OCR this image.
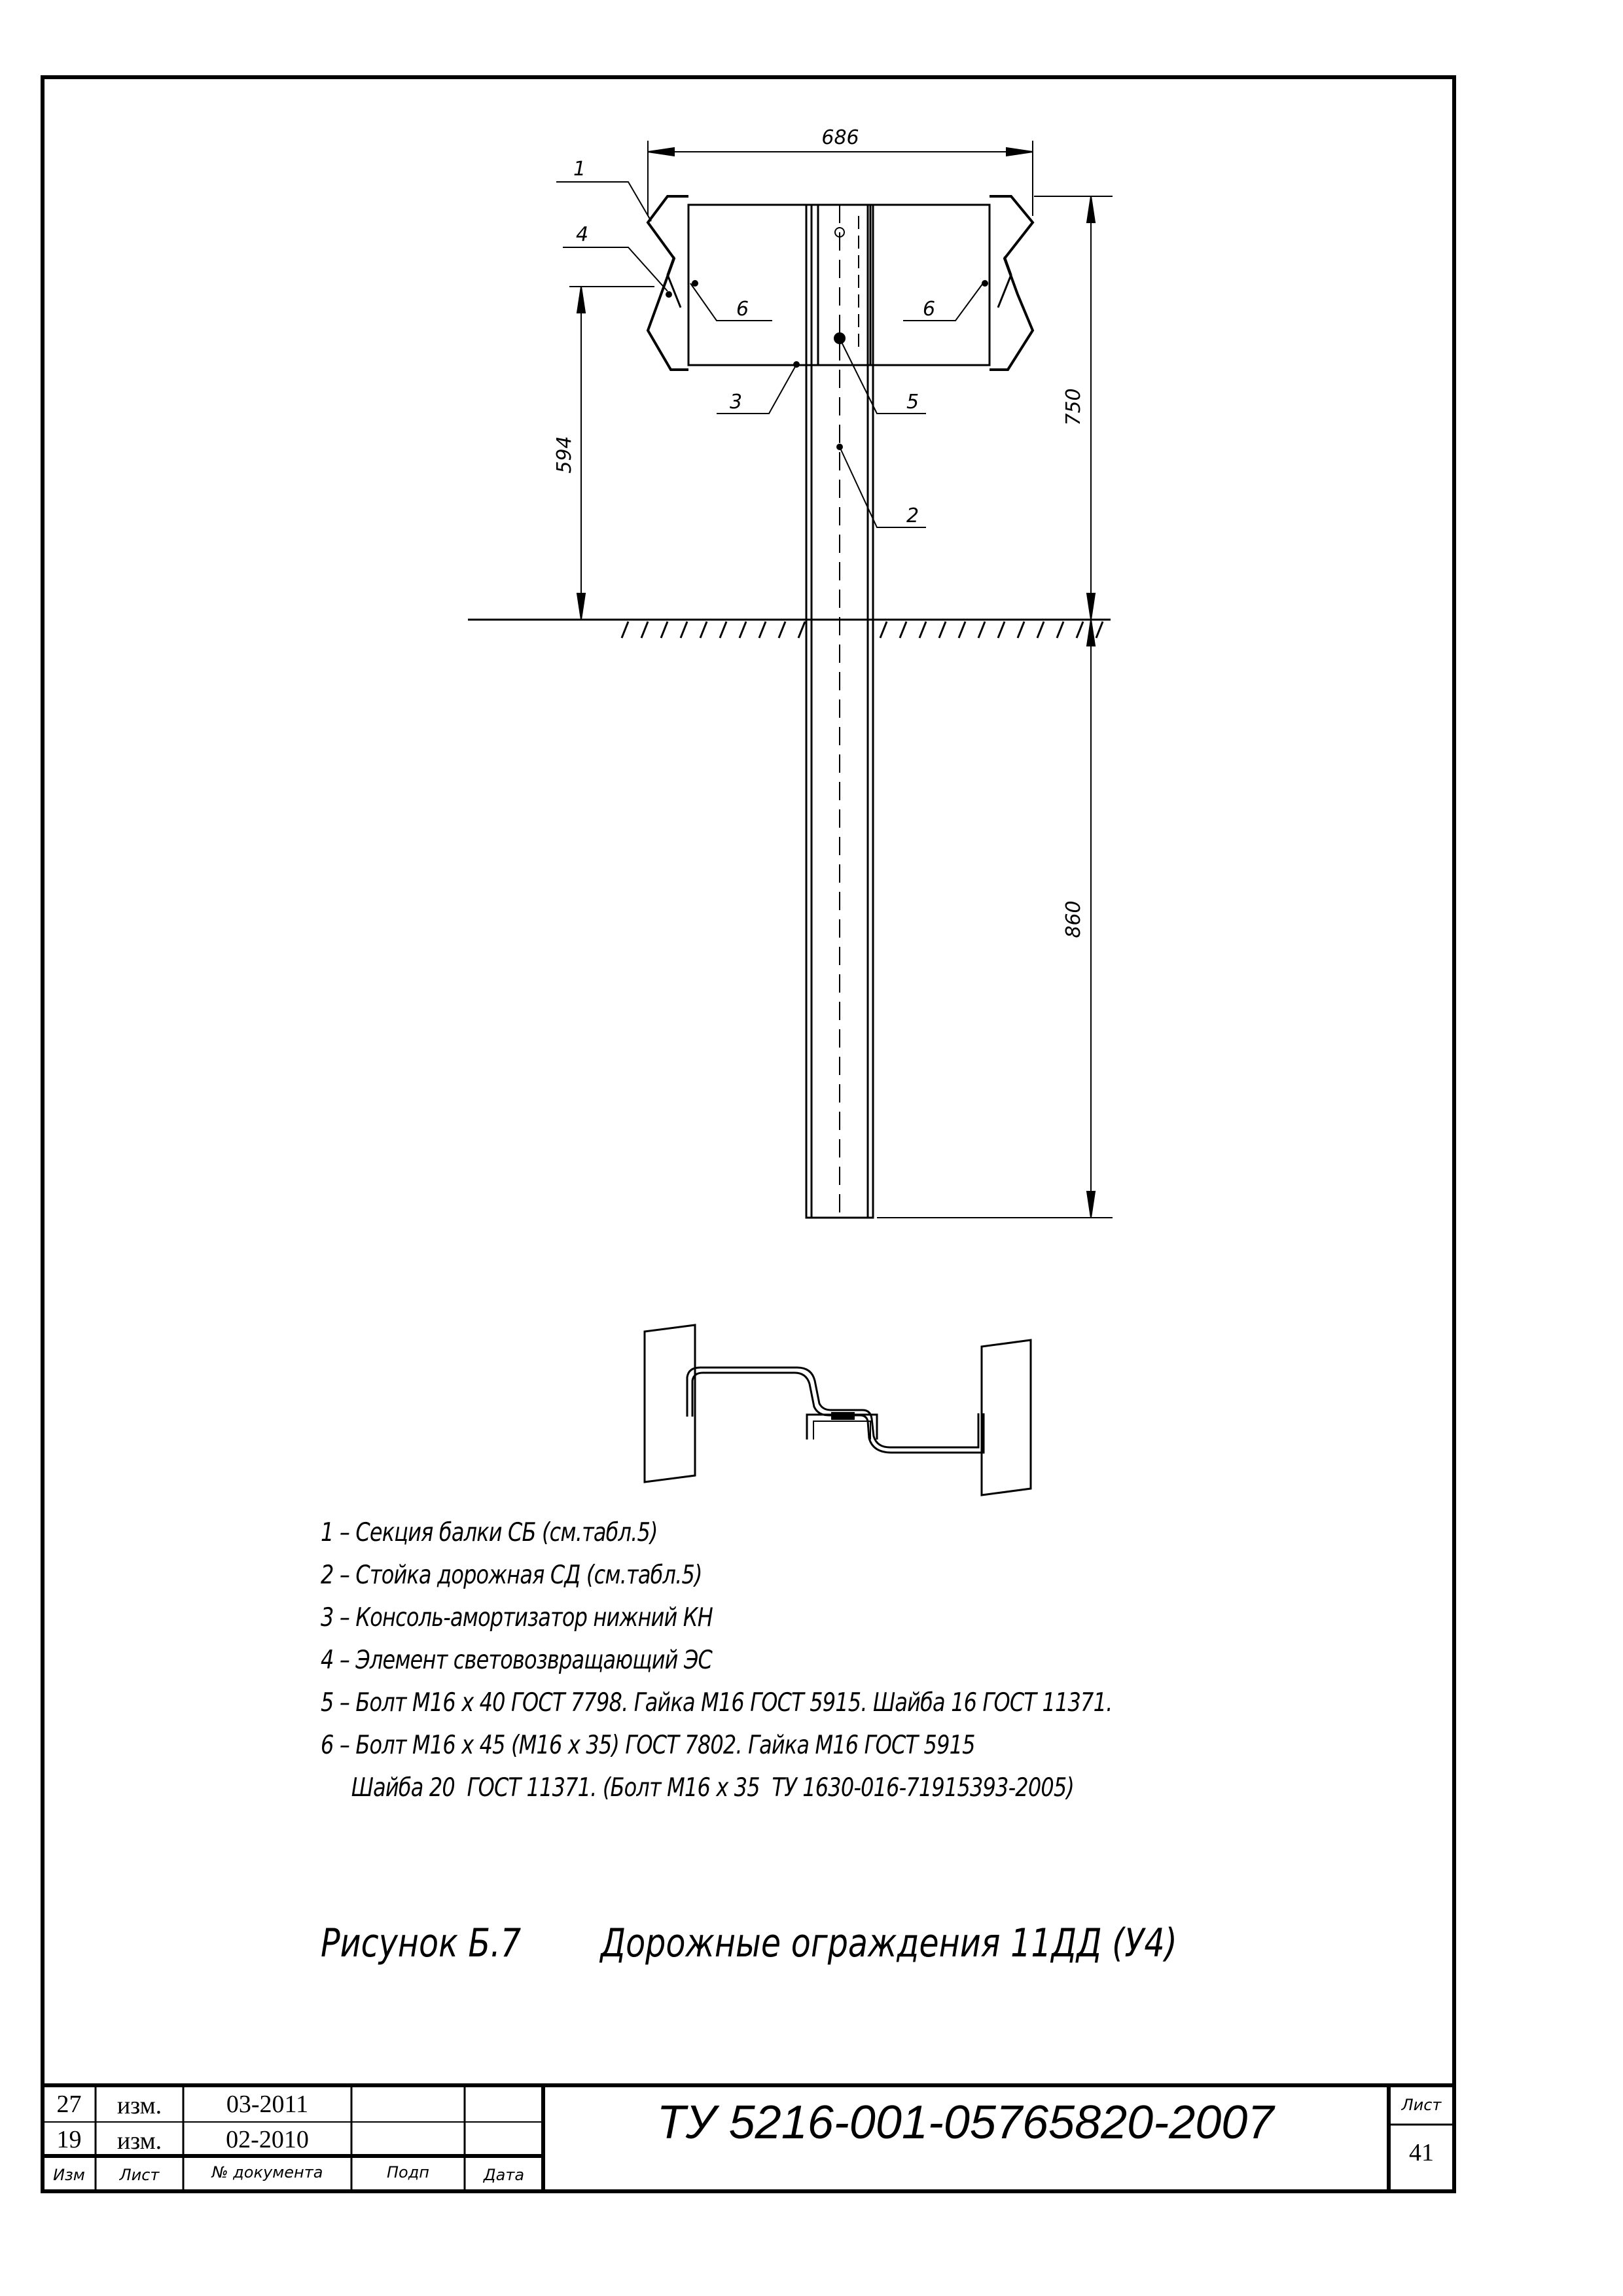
686
750
860
594
1
4
6	6
3	5
2
1 – Секция балки СБ (см.табл.5)
2 – Стойка дорожная СД (см.табл.5)
3 – Консоль-амортизатор нижний КН
4 – Элемент световозвращающий ЭС
5 – Болт М16 х 40 ГОСТ 7798. Гайка М16 ГОСТ 5915. Шайба 16 ГОСТ 11371.
6 – Болт М16 х 45 (М16 х 35) ГОСТ 7802. Гайка М16 ГОСТ 5915
Шайба 20  ГОСТ 11371. (Болт М16 х 35  ТУ 1630-016-71915393-2005)
Рисунок Б.7 Дорожные ограждения 11ДД (У4)
27	изм.	03-2011
19	изм.	02-2010
Изм	Лист	№ документа	Подп	Дата
ТУ 5216-001-05765820-2007	Лист
41
